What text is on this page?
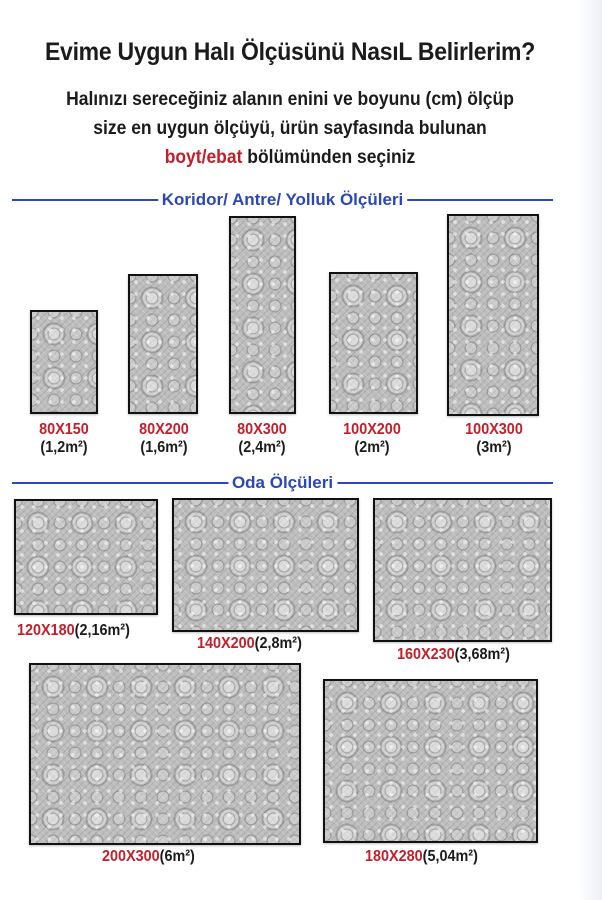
Evime Uygun Halı Ölçüsünü NasıL Belirlerim?
Halınızı sereceğiniz alanın enini ve boyunu (cm) ölçüp
size en uygun ölçüyü, ürün sayfasında bulunan
boyt/ebat bölümünden seçiniz
Koridor/ Antre/ Yolluk Ölçüleri
80X150
(1,2m²)
80X200
(1,6m²)
80X300
(2,4m²)
100X200
(2m²)
100X300
(3m²)
Oda Ölçüleri
120X180(2,16m²)
140X200(2,8m²)
160X230(3,68m²)
200X300(6m²)	180X280(5,04m²)
